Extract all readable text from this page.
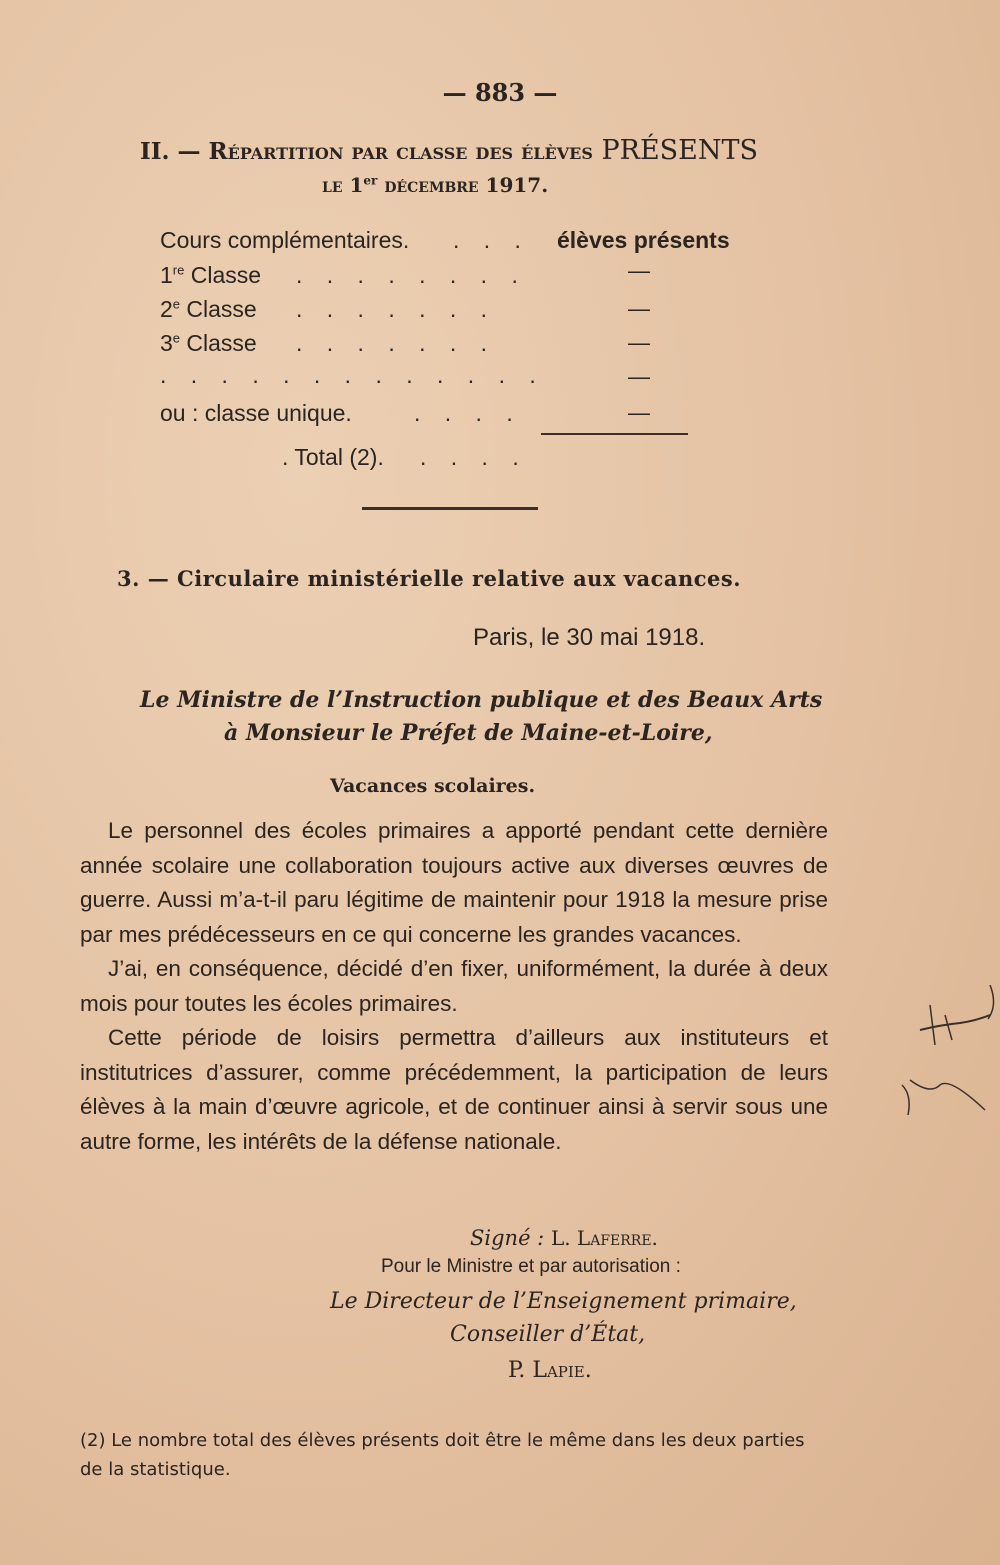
— 883 —
II. — Répartition par classe des élèves PRÉSENTS
le 1er décembre 1917.
Cours complémentaires. . . . élèves présents
1re Classe . . . . . . . .	—
2e Classe . . . . . . .	—
3e Classe . . . . . . .	—
. . . . . . . . . . . . .	—
ou : classe unique.	. . . .	—
. Total (2). . . . .
3. — Circulaire ministérielle relative aux vacances.
Paris, le 30 mai 1918.
Le Ministre de l’Instruction publique et des Beaux Arts
à Monsieur le Préfet de Maine-et-Loire,
Vacances scolaires.

Le personnel des écoles primaires a apporté pendant cette dernière année scolaire une collaboration toujours active aux diverses œuvres de guerre. Aussi m’a-t-il paru légitime de maintenir pour 1918 la mesure prise par mes prédécesseurs en ce qui concerne les grandes vacances.

J’ai, en conséquence, décidé d’en fixer, uniformément, la durée à deux mois pour toutes les écoles primaires.

Cette période de loisirs permettra d’ailleurs aux instituteurs et institutrices d’assurer, comme précédemment, la participation de leurs élèves à la main d’œuvre agricole, et de continuer ainsi à servir sous une autre forme, les intérêts de la défense nationale.

Signé : L. Laferre.
Pour le Ministre et par autorisation :
Le Directeur de l’Enseignement primaire,
Conseiller d’État,
P. Lapie.
(2) Le nombre total des élèves présents doit être le même dans les deux parties de la statistique.
